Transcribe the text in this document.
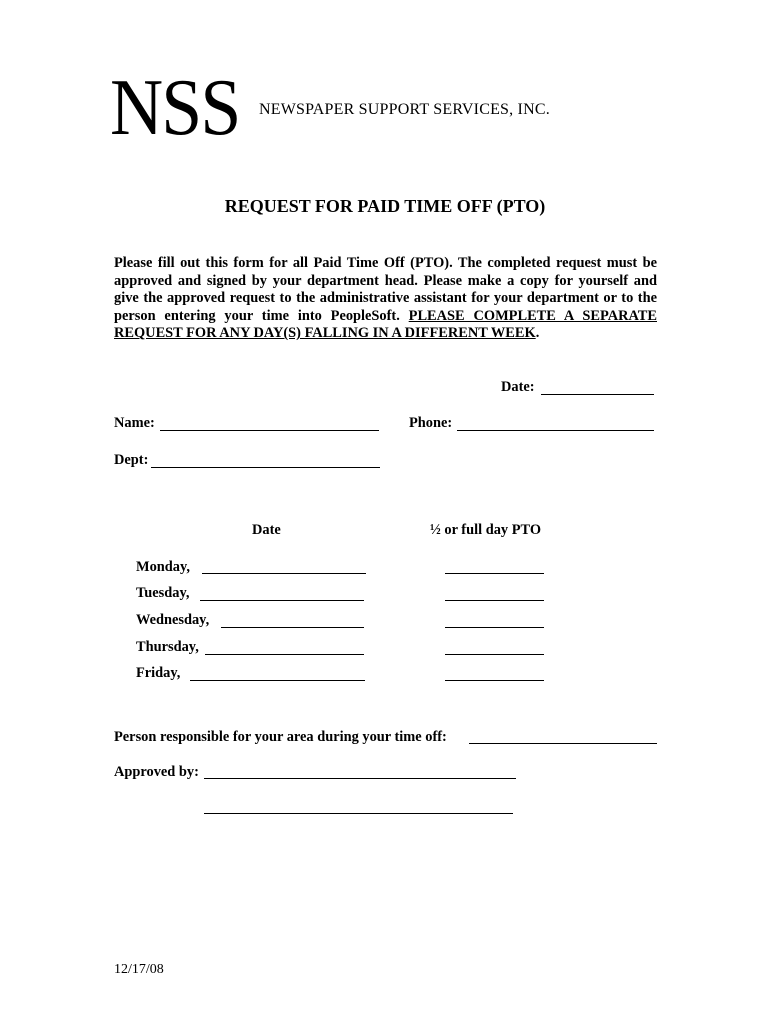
NSS NEWSPAPER SUPPORT SERVICES, INC.
REQUEST FOR PAID TIME OFF (PTO)
Please fill out this form for all Paid Time Off (PTO). The completed request must be approved and signed by your department head. Please make a copy for yourself and give the approved request to the administrative assistant for your department or to the person entering your time into PeopleSoft. PLEASE COMPLETE A SEPARATE REQUEST FOR ANY DAY(S) FALLING IN A DIFFERENT WEEK.
Date:
Name:	Phone:
Dept:
Date	½ or full day PTO
Monday,
Tuesday,
Wednesday,
Thursday,
Friday,
Person responsible for your area during your time off:
Approved by:
12/17/08
